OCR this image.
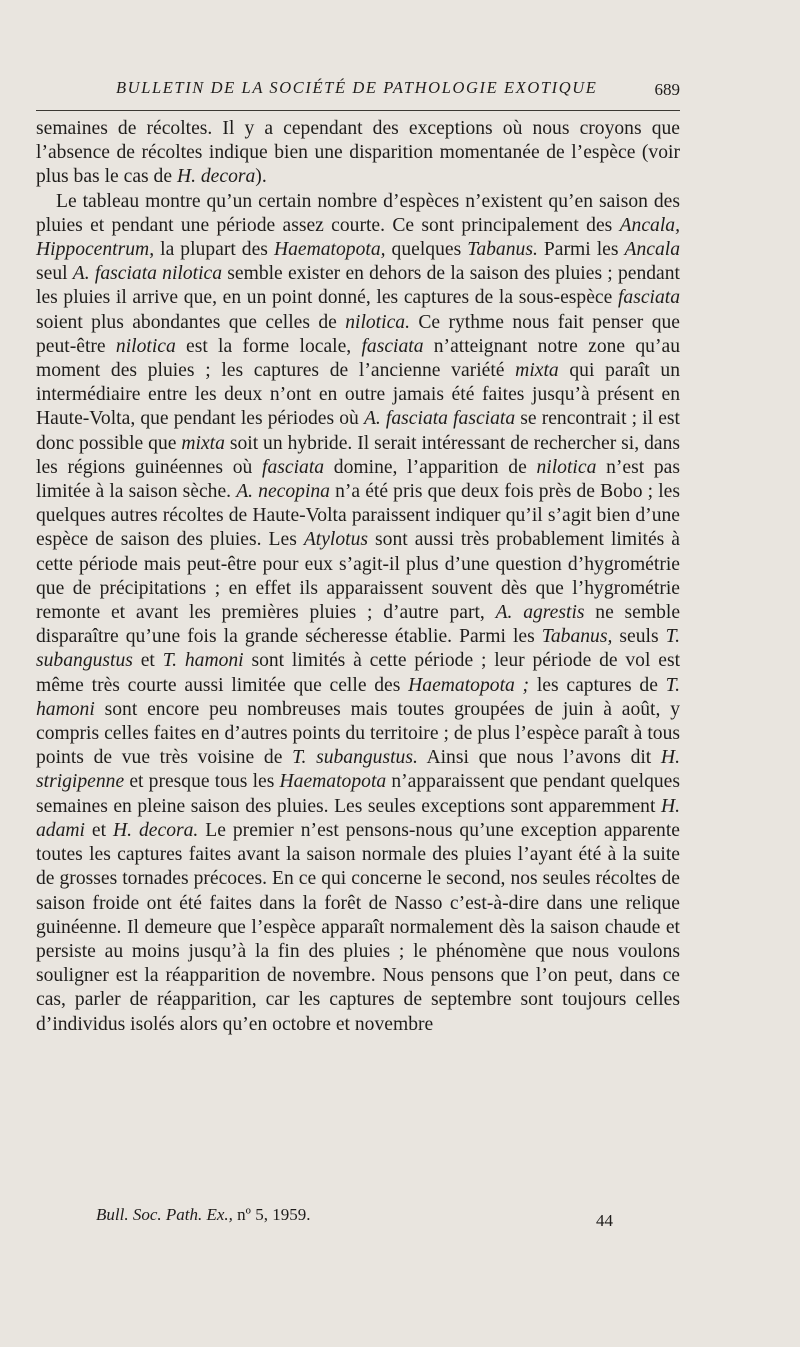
BULLETIN DE LA SOCIÉTÉ DE PATHOLOGIE EXOTIQUE	689

semaines de récoltes. Il y a cependant des exceptions où nous croyons que l’absence de récoltes indique bien une disparition momentanée de l’espèce (voir plus bas le cas de H. decora).

Le tableau montre qu’un certain nombre d’espèces n’existent qu’en saison des pluies et pendant une période assez courte. Ce sont principalement des Ancala, Hippocentrum, la plupart des Haematopota, quelques Tabanus. Parmi les Ancala seul A. fasciata nilotica semble exister en dehors de la saison des pluies ; pendant les pluies il arrive que, en un point donné, les captures de la sous-espèce fasciata soient plus abondantes que celles de nilotica. Ce rythme nous fait penser que peut-être nilotica est la forme locale, fasciata n’atteignant notre zone qu’au moment des pluies ; les captures de l’ancienne variété mixta qui paraît un intermédiaire entre les deux n’ont en outre jamais été faites jusqu’à présent en Haute-Volta, que pendant les périodes où A. fasciata fasciata se rencontrait ; il est donc possible que mixta soit un hybride. Il serait intéressant de rechercher si, dans les régions guinéennes où fasciata domine, l’apparition de nilotica n’est pas limitée à la saison sèche. A. necopina n’a été pris que deux fois près de Bobo ; les quelques autres récoltes de Haute-Volta paraissent indiquer qu’il s’agit bien d’une espèce de saison des pluies. Les Atylotus sont aussi très probablement limités à cette période mais peut-être pour eux s’agit-il plus d’une question d’hygrométrie que de précipitations ; en effet ils apparaissent souvent dès que l’hygrométrie remonte et avant les premières pluies ; d’autre part, A. agrestis ne semble disparaître qu’une fois la grande sécheresse établie. Parmi les Tabanus, seuls T. subangustus et T. hamoni sont limités à cette période ; leur période de vol est même très courte aussi limitée que celle des Haematopota ; les captures de T. hamoni sont encore peu nombreuses mais toutes groupées de juin à août, y compris celles faites en d’autres points du territoire ; de plus l’espèce paraît à tous points de vue très voisine de T. subangustus. Ainsi que nous l’avons dit H. strigipenne et presque tous les Haematopota n’apparaissent que pendant quelques semaines en pleine saison des pluies. Les seules exceptions sont apparemment H. adami et H. decora. Le premier n’est pensons-nous qu’une exception apparente toutes les captures faites avant la saison normale des pluies l’ayant été à la suite de grosses tornades précoces. En ce qui concerne le second, nos seules récoltes de saison froide ont été faites dans la forêt de Nasso c’est-à-dire dans une relique guinéenne. Il demeure que l’espèce apparaît normalement dès la saison chaude et persiste au moins jusqu’à la fin des pluies ; le phénomène que nous voulons souligner est la réapparition de novembre. Nous pensons que l’on peut, dans ce cas, parler de réapparition, car les captures de septembre sont toujours celles d’individus isolés alors qu’en octobre et novembre

Bull. Soc. Path. Ex., nº 5, 1959.	44
